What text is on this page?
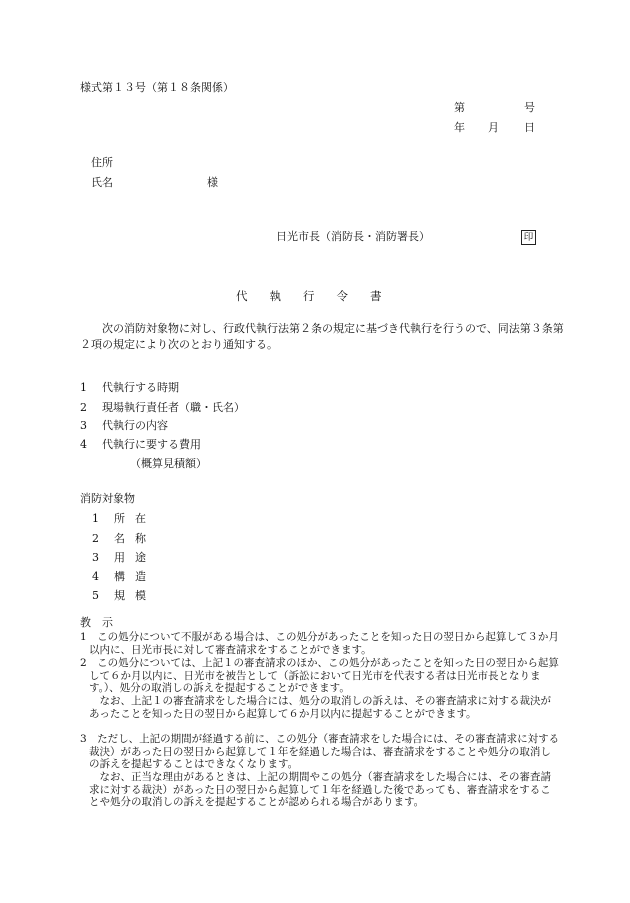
様式第１３号（第１８条関係）
第	号
年 月 日
住所
氏名	様
日光市長（消防長・消防署長）	印
代執行令書
次の消防対象物に対し、行政代執行法第２条の規定に基づき代執行を行うので、同法第３条第２項の規定により次のとおり通知する。
1 代執行する時期
2 現場執行責任者（職・氏名）
3 代執行の内容
4 代執行に要する費用
（概算見積額）
消防対象物
1 所在
2 名称
3 用途
4 構造
5 規模
教　示
1　この処分について不服がある場合は、この処分があったことを知った日の翌日から起算して３か月以内に、日光市長に対して審査請求をすることができます。
2　この処分については、上記１の審査請求のほか、この処分があったことを知った日の翌日から起算して６か月以内に、日光市を被告として（訴訟において日光市を代表する者は日光市長となります。）、処分の取消しの訴えを提起することができます。
なお、上記１の審査請求をした場合には、処分の取消しの訴えは、その審査請求に対する裁決があったことを知った日の翌日から起算して６か月以内に提起することができます。
3　ただし、上記の期間が経過する前に、この処分（審査請求をした場合には、その審査請求に対する裁決）があった日の翌日から起算して１年を経過した場合は、審査請求をすることや処分の取消しの訴えを提起することはできなくなります。
なお、正当な理由があるときは、上記の期間やこの処分（審査請求をした場合には、その審査請求に対する裁決）があった日の翌日から起算して１年を経過した後であっても、審査請求をすることや処分の取消しの訴えを提起することが認められる場合があります。
